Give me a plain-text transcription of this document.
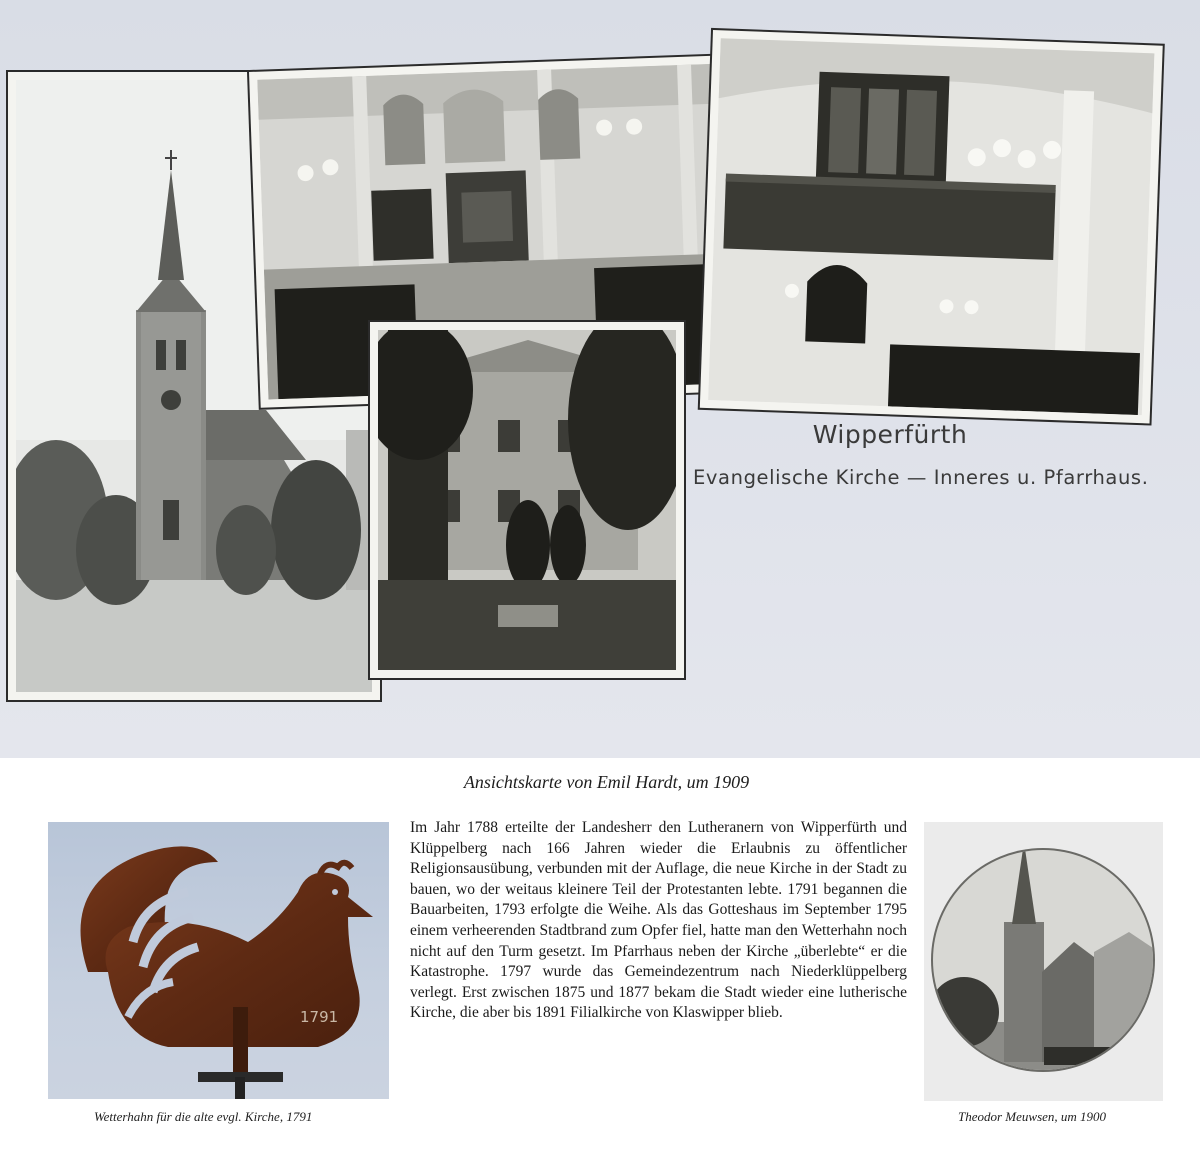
Wipperfürth
Evangelische Kirche — Inneres u. Pfarrhaus.
Ansichtskarte von Emil Hardt, um 1909
1791
Im Jahr 1788 erteilte der Landesherr den Lutheranern von Wipperfürth und Klüppelberg nach 166 Jahren wieder die Erlaubnis zu öffentlicher Religionsausübung, verbunden mit der Auflage, die neue Kirche in der Stadt zu bauen, wo der weitaus kleinere Teil der Protestanten lebte. 1791 begannen die Bauarbeiten, 1793 erfolgte die Weihe. Als das Gotteshaus im September 1795 einem verheerenden Stadtbrand zum Opfer fiel, hatte man den Wetterhahn noch nicht auf den Turm gesetzt. Im Pfarrhaus neben der Kirche „überlebte“ er die Katastrophe. 1797 wurde das Gemeindezentrum nach Niederklüppelberg verlegt. Erst zwischen 1875 und 1877 bekam die Stadt wieder eine lutherische Kirche, die aber bis 1891 Filialkirche von Klaswipper blieb.
Wetterhahn für die alte evgl. Kirche, 1791	Theodor Meuwsen, um 1900
